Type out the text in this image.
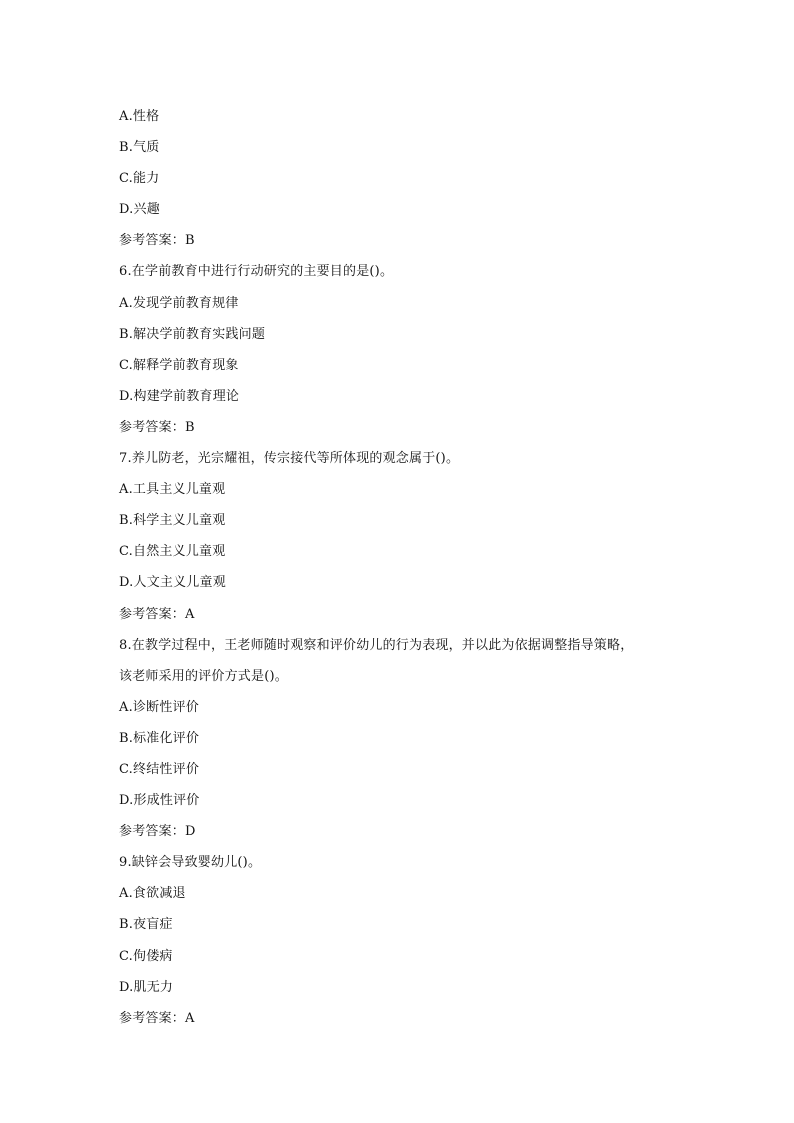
A.性格
B.气质
C.能力
D.兴趣
参考答案：B
6.在学前教育中进行行动研究的主要目的是()。
A.发现学前教育规律
B.解决学前教育实践问题
C.解释学前教育现象
D.构建学前教育理论
参考答案：B
7.养儿防老，光宗耀祖，传宗接代等所体现的观念属于()。
A.工具主义儿童观
B.科学主义儿童观
C.自然主义儿童观
D.人文主义儿童观
参考答案：A
8.在教学过程中，王老师随时观察和评价幼儿的行为表现，并以此为依据调整指导策略，
该老师采用的评价方式是()。
A.诊断性评价
B.标准化评价
C.终结性评价
D.形成性评价
参考答案：D
9.缺锌会导致婴幼儿()。
A.食欲减退
B.夜盲症
C.佝偻病
D.肌无力
参考答案：A
